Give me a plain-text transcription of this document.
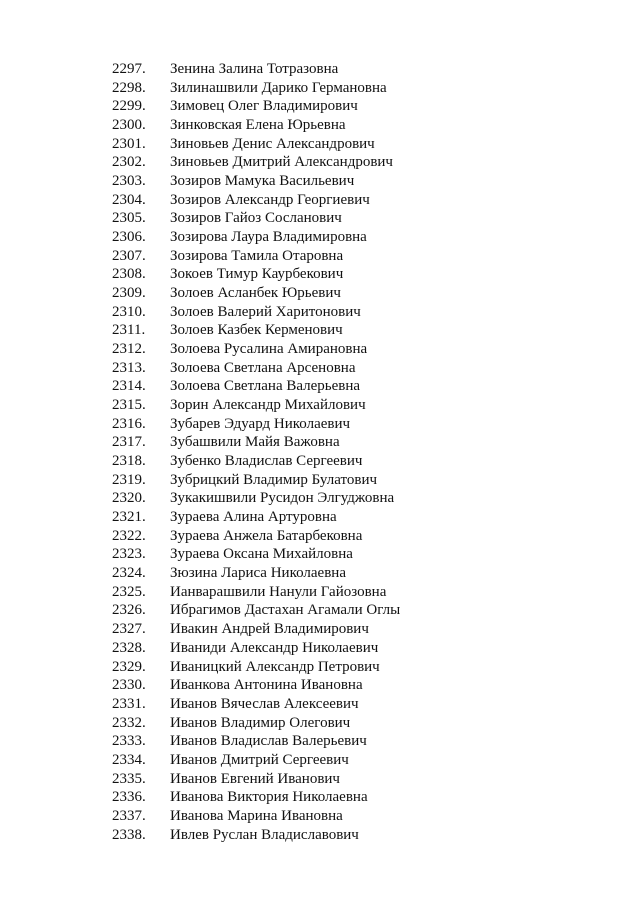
2297. Зенина Залина Тотразовна
2298. Зилинашвили Дарико Германовна
2299. Зимовец Олег Владимирович
2300. Зинковская Елена Юрьевна
2301. Зиновьев Денис Александрович
2302. Зиновьев Дмитрий Александрович
2303. Зозиров Мамука Васильевич
2304. Зозиров Александр Георгиевич
2305. Зозиров Гайоз Сосланович
2306. Зозирова Лаура Владимировна
2307. Зозирова Тамила Отаровна
2308. Зокоев Тимур Каурбекович
2309. Золоев Асланбек Юрьевич
2310. Золоев Валерий Харитонович
2311. Золоев Казбек Керменович
2312. Золоева Русалина Амирановна
2313. Золоева Светлана Арсеновна
2314. Золоева Светлана Валерьевна
2315. Зорин Александр Михайлович
2316. Зубарев Эдуард Николаевич
2317. Зубашвили Майя Важовна
2318. Зубенко Владислав Сергеевич
2319. Зубрицкий Владимир Булатович
2320. Зукакишвили Русидон Элгуджовна
2321. Зураева Алина Артуровна
2322. Зураева Анжела Батарбековна
2323. Зураева Оксана Михайловна
2324. Зюзина Лариса Николаевна
2325. Ианварашвили Нанули Гайозовна
2326. Ибрагимов Дастахан Агамали Оглы
2327. Ивакин Андрей Владимирович
2328. Иваниди Александр Николаевич
2329. Иваницкий Александр Петрович
2330. Иванкова Антонина Ивановна
2331. Иванов Вячеслав Алексеевич
2332. Иванов Владимир Олегович
2333. Иванов Владислав Валерьевич
2334. Иванов Дмитрий Сергеевич
2335. Иванов Евгений Иванович
2336. Иванова Виктория Николаевна
2337. Иванова Марина Ивановна
2338. Ивлев Руслан Владиславович
